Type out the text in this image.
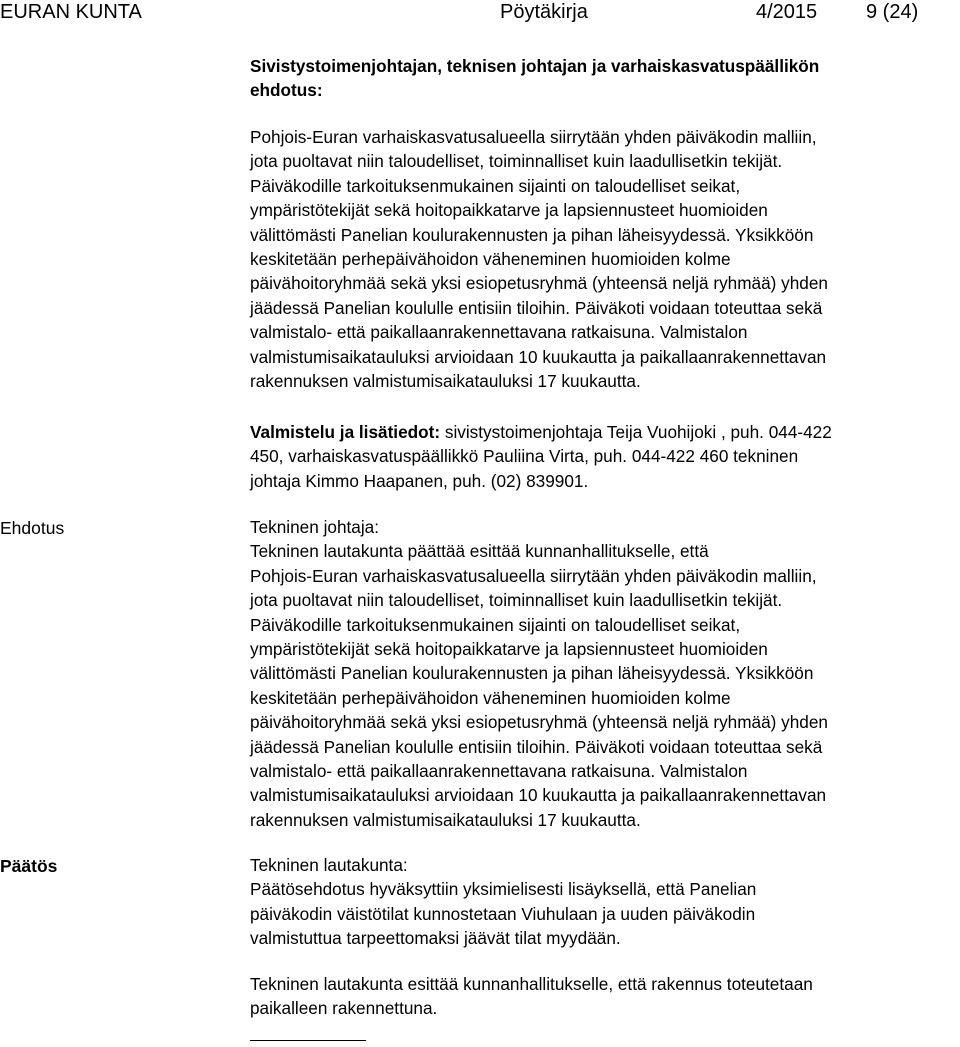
EURAN KUNTA	Pöytäkirja	4/2015 9 (24)

Sivistystoimenjohtajan, teknisen johtajan ja varhaiskasvatuspäällikön

ehdotus:

Pohjois-Euran varhaiskasvatusalueella siirrytään yhden päiväkodin malliin,

jota puoltavat niin taloudelliset, toiminnalliset kuin laadullisetkin tekijät.

Päiväkodille tarkoituksenmukainen sijainti on taloudelliset seikat,

ympäristötekijät sekä hoitopaikkatarve ja lapsiennusteet huomioiden

välittömästi Panelian koulurakennusten ja pihan läheisyydessä. Yksikköön

keskitetään perhepäivähoidon väheneminen huomioiden kolme

päivähoitoryhmää sekä yksi esiopetusryhmä (yhteensä neljä ryhmää) yhden

jäädessä Panelian koululle entisiin tiloihin. Päiväkoti voidaan toteuttaa sekä

valmistalo- että paikallaanrakennettavana ratkaisuna. Valmistalon

valmistumisaikatauluksi arvioidaan 10 kuukautta ja paikallaanrakennettavan

rakennuksen valmistumisaikatauluksi 17 kuukautta.

Valmistelu ja lisätiedot: sivistystoimenjohtaja Teija Vuohijoki , puh. 044-422

450, varhaiskasvatuspäällikkö Pauliina Virta, puh. 044-422 460 tekninen

johtaja Kimmo Haapanen, puh. (02) 839901.

Ehdotus	Tekninen johtaja:

Tekninen lautakunta päättää esittää kunnanhallitukselle, että

Pohjois-Euran varhaiskasvatusalueella siirrytään yhden päiväkodin malliin,

jota puoltavat niin taloudelliset, toiminnalliset kuin laadullisetkin tekijät.

Päiväkodille tarkoituksenmukainen sijainti on taloudelliset seikat,

ympäristötekijät sekä hoitopaikkatarve ja lapsiennusteet huomioiden

välittömästi Panelian koulurakennusten ja pihan läheisyydessä. Yksikköön

keskitetään perhepäivähoidon väheneminen huomioiden kolme

päivähoitoryhmää sekä yksi esiopetusryhmä (yhteensä neljä ryhmää) yhden

jäädessä Panelian koululle entisiin tiloihin. Päiväkoti voidaan toteuttaa sekä

valmistalo- että paikallaanrakennettavana ratkaisuna. Valmistalon

valmistumisaikatauluksi arvioidaan 10 kuukautta ja paikallaanrakennettavan

rakennuksen valmistumisaikatauluksi 17 kuukautta.

Päätös	Tekninen lautakunta:

Päätösehdotus hyväksyttiin yksimielisesti lisäyksellä, että Panelian

päiväkodin väistötilat kunnostetaan Viuhulaan ja uuden päiväkodin

valmistuttua tarpeettomaksi jäävät tilat myydään.

Tekninen lautakunta esittää kunnanhallitukselle, että rakennus toteutetaan

paikalleen rakennettuna.
